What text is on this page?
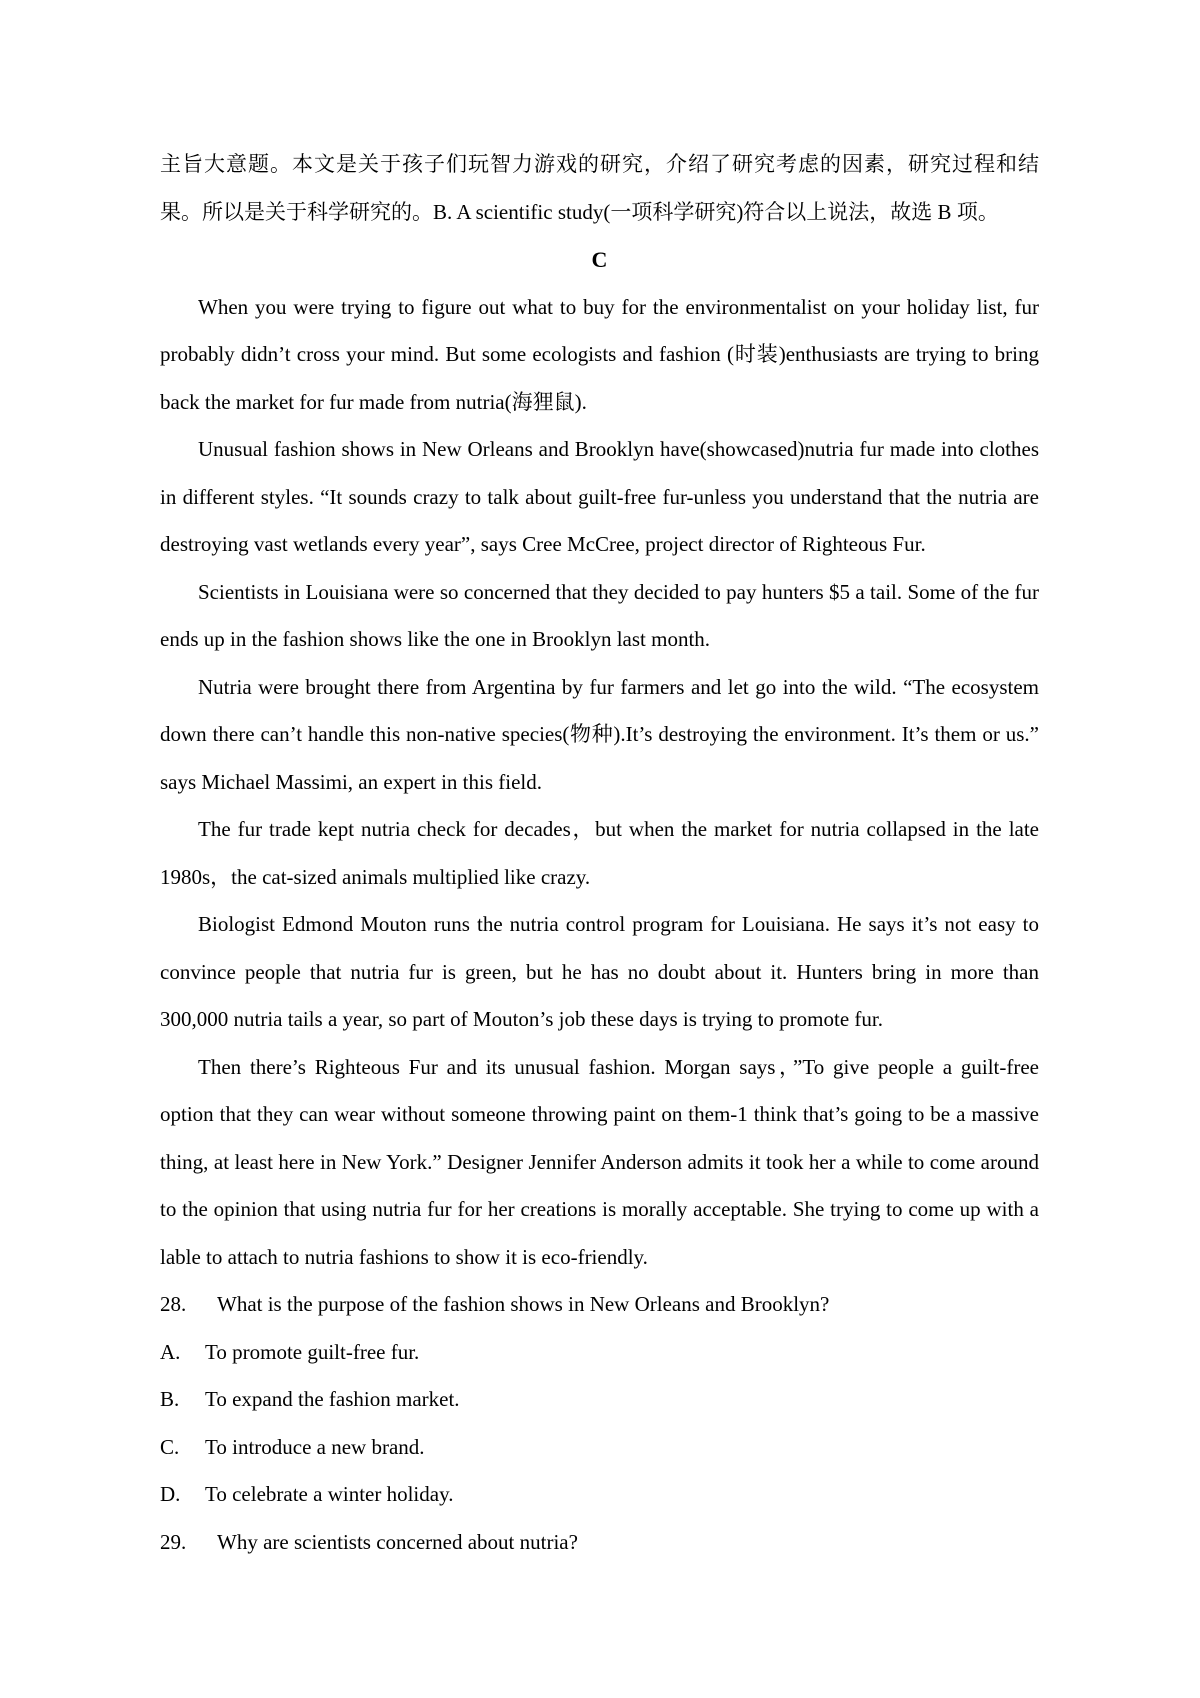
主旨大意题。本文是关于孩子们玩智力游戏的研究，介绍了研究考虑的因素，研究过程和结果。所以是关于科学研究的。B. A scientific study(一项科学研究)符合以上说法，故选 B 项。

C

When you were trying to figure out what to buy for the environmentalist on your holiday list, fur probably didn’t cross your mind. But some ecologists and fashion (时装)enthusiasts are trying to bring back the market for fur made from nutria(海狸鼠).

Unusual fashion shows in New Orleans and Brooklyn have(showcased)nutria fur made into clothes in different styles. “It sounds crazy to talk about guilt-free fur-unless you understand that the nutria are destroying vast wetlands every year”, says Cree McCree, project director of Righteous Fur.

Scientists in Louisiana were so concerned that they decided to pay hunters $5 a tail. Some of the fur ends up in the fashion shows like the one in Brooklyn last month.

Nutria were brought there from Argentina by fur farmers and let go into the wild. “The ecosystem down there can’t handle this non-native species(物种).It’s destroying the environment. It’s them or us.” says Michael Massimi, an expert in this field.

The fur trade kept nutria check for decades，but when the market for nutria collapsed in the late 1980s，the cat-sized animals multiplied like crazy.

Biologist Edmond Mouton runs the nutria control program for Louisiana. He says it’s not easy to convince people that nutria fur is green, but he has no doubt about it. Hunters bring in more than 300,000 nutria tails a year, so part of Mouton’s job these days is trying to promote fur.

Then there’s Righteous Fur and its unusual fashion. Morgan says，”To give people a guilt-free option that they can wear without someone throwing paint on them-1 think that’s going to be a massive thing, at least here in New York.” Designer Jennifer Anderson admits it took her a while to come around to the opinion that using nutria fur for her creations is morally acceptable. She trying to come up with a lable to attach to nutria fashions to show it is eco-friendly.

28. What is the purpose of the fashion shows in New Orleans and Brooklyn?
A. To promote guilt-free fur.
B. To expand the fashion market.
C. To introduce a new brand.
D. To celebrate a winter holiday.
29. Why are scientists concerned about nutria?
